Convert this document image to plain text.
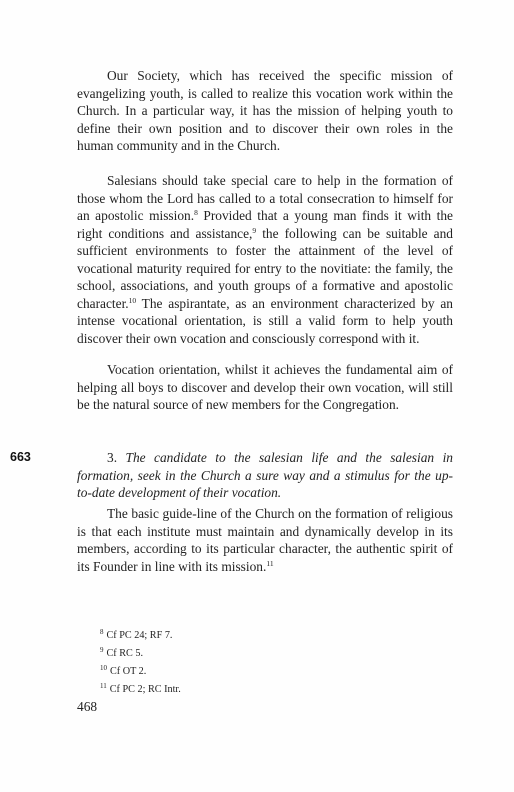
Our Society, which has received the specific mission of evangelizing youth, is called to realize this vocation work within the Church. In a particular way, it has the mission of helping youth to define their own position and to discover their own roles in the human community and in the Church.

Salesians should take special care to help in the formation of those whom the Lord has called to a total consecration to himself for an apostolic mission.$^8$ Provided that a young man finds it with the right conditions and assistance,$^9$ the following can be suitable and sufficient environments to foster the attainment of the level of vocational maturity required for entry to the novitiate: the family, the school, associations, and youth groups of a formative and apostolic character.$^{10}$ The aspirantate, as an environment characterized by an intense vocational orientation, is still a valid form to help youth discover their own vocation and consciously correspond with it.

Vocation orientation, whilst it achieves the fundamental aim of helping all boys to discover and develop their own vocation, will still be the natural source of new members for the Congregation.

663	3. The candidate to the salesian life and the salesian in formation, seek in the Church a sure way and a stimulus for the up-to-date development of their vocation.

The basic guide-line of the Church on the formation of religious is that each institute must maintain and dynamically develop in its members, according to its particular character, the authentic spirit of its Founder in line with its mission.$^{11}$

$^8$ Cf PC 24; RF 7.
$^9$ Cf RC 5.
$^{10}$ Cf OT 2.
$^{11}$ Cf PC 2; RC Intr.
468
